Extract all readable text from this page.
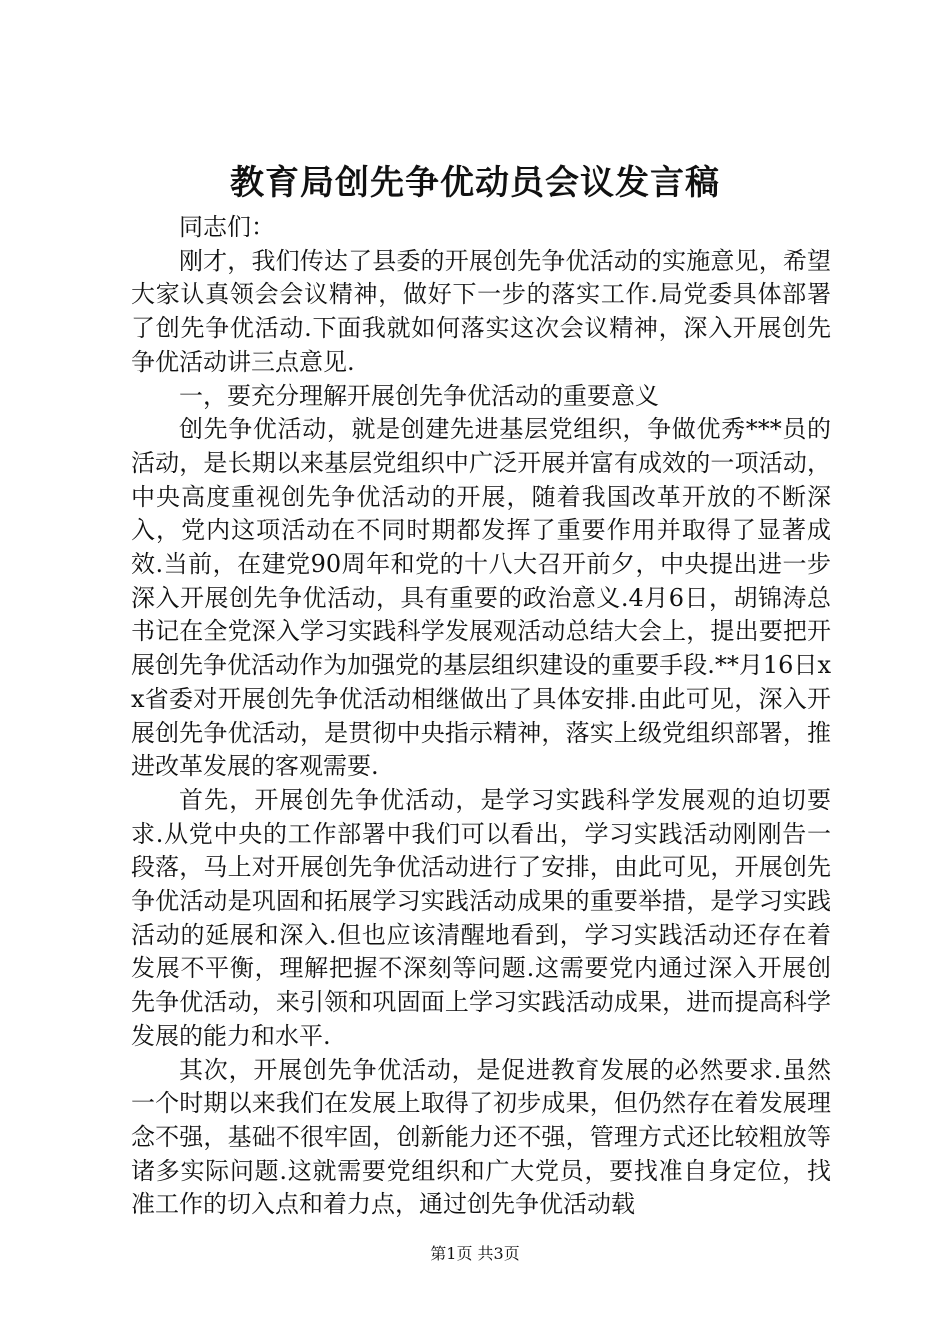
教育局创先争优动员会议发言稿

同志们：

刚才，我们传达了县委的开展创先争优活动的实施意见，希望大家认真领会会议精神，做好下一步的落实工作.局党委具体部署了创先争优活动.下面我就如何落实这次会议精神，深入开展创先争优活动讲三点意见.

一，要充分理解开展创先争优活动的重要意义

创先争优活动，就是创建先进基层党组织，争做优秀***员的活动，是长期以来基层党组织中广泛开展并富有成效的一项活动，中央高度重视创先争优活动的开展，随着我国改革开放的不断深入，党内这项活动在不同时期都发挥了重要作用并取得了显著成效.当前，在建党90周年和党的十八大召开前夕，中央提出进一步深入开展创先争优活动，具有重要的政治意义.4月6日，胡锦涛总书记在全党深入学习实践科学发展观活动总结大会上，提出要把开展创先争优活动作为加强党的基层组织建设的重要手段.**月16日xx省委对开展创先争优活动相继做出了具体安排.由此可见，深入开展创先争优活动，是贯彻中央指示精神，落实上级党组织部署，推进改革发展的客观需要.

首先，开展创先争优活动，是学习实践科学发展观的迫切要求.从党中央的工作部署中我们可以看出，学习实践活动刚刚告一段落，马上对开展创先争优活动进行了安排，由此可见，开展创先争优活动是巩固和拓展学习实践活动成果的重要举措，是学习实践活动的延展和深入.但也应该清醒地看到，学习实践活动还存在着发展不平衡，理解把握不深刻等问题.这需要党内通过深入开展创先争优活动，来引领和巩固面上学习实践活动成果，进而提高科学发展的能力和水平.

其次，开展创先争优活动，是促进教育发展的必然要求.虽然一个时期以来我们在发展上取得了初步成果，但仍然存在着发展理念不强，基础不很牢固，创新能力还不强，管理方式还比较粗放等诸多实际问题.这就需要党组织和广大党员，要找准自身定位，找准工作的切入点和着力点，通过创先争优活动载

第1页 共3页
